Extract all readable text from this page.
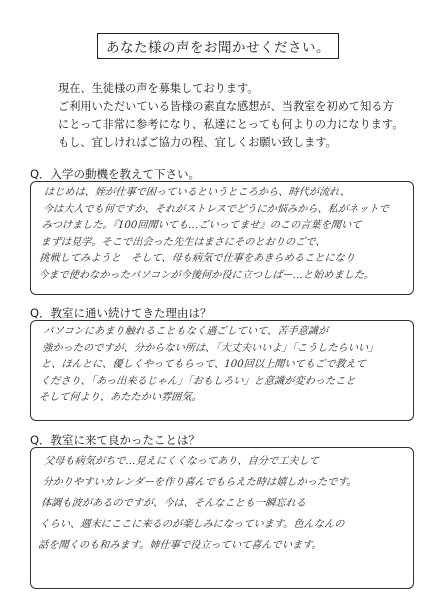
あなた様の声をお聞かせください。
現在、生徒様の声を募集しております。
ご利用いただいている皆様の素直な感想が、当教室を初めて知る方
にとって非常に参考になり、私達にとっても何よりの力になります。
もし、宜しければご協力の程、宜しくお願い致します。
Q．入学の動機を教えて下さい。
はじめは、姪が仕事で困っているというところから、時代が流れ、
今は大人でも何ですか、それがストレスでどうにか悩みから、私がネットで
みつけました。『100回聞いても…ごいってませ』のこの言葉を聞いて
まずは見学。そこで出会った先生はまさにそのとおりのごで、
挑戦してみようと　そして、母も病気で仕事をあきらめることになり
今まで使わなかったパソコンが今後何か役に立つしばー…と始めました。
Q．教室に通い続けてきた理由は？
パソコンにあまり触れることもなく過ごしていて、苦手意識が
強かったのですが、分からない所は、「大丈夫いいよ」「こうしたらいい」
と、ほんとに、優しくやってもらって、100回以上聞いてもごで教えて
くださり、「あっ出来るじゃん」「おもしろい」と意識が変わったこと
そして何より、あたたかい雰囲気。
Q．教室に来て良かったことは？
父母も病気がちで…見えにくくなってあり、自分で工夫して
分かりやすいカレンダーを作り喜んでもらえた時は嬉しかったです。
体調も波があるのですが、今は、そんなことも一瞬忘れる
くらい、週末にここに来るのが楽しみになっています。色んなんの
話を聞くのも和みます。姉仕事で役立っていて喜んでいます。
